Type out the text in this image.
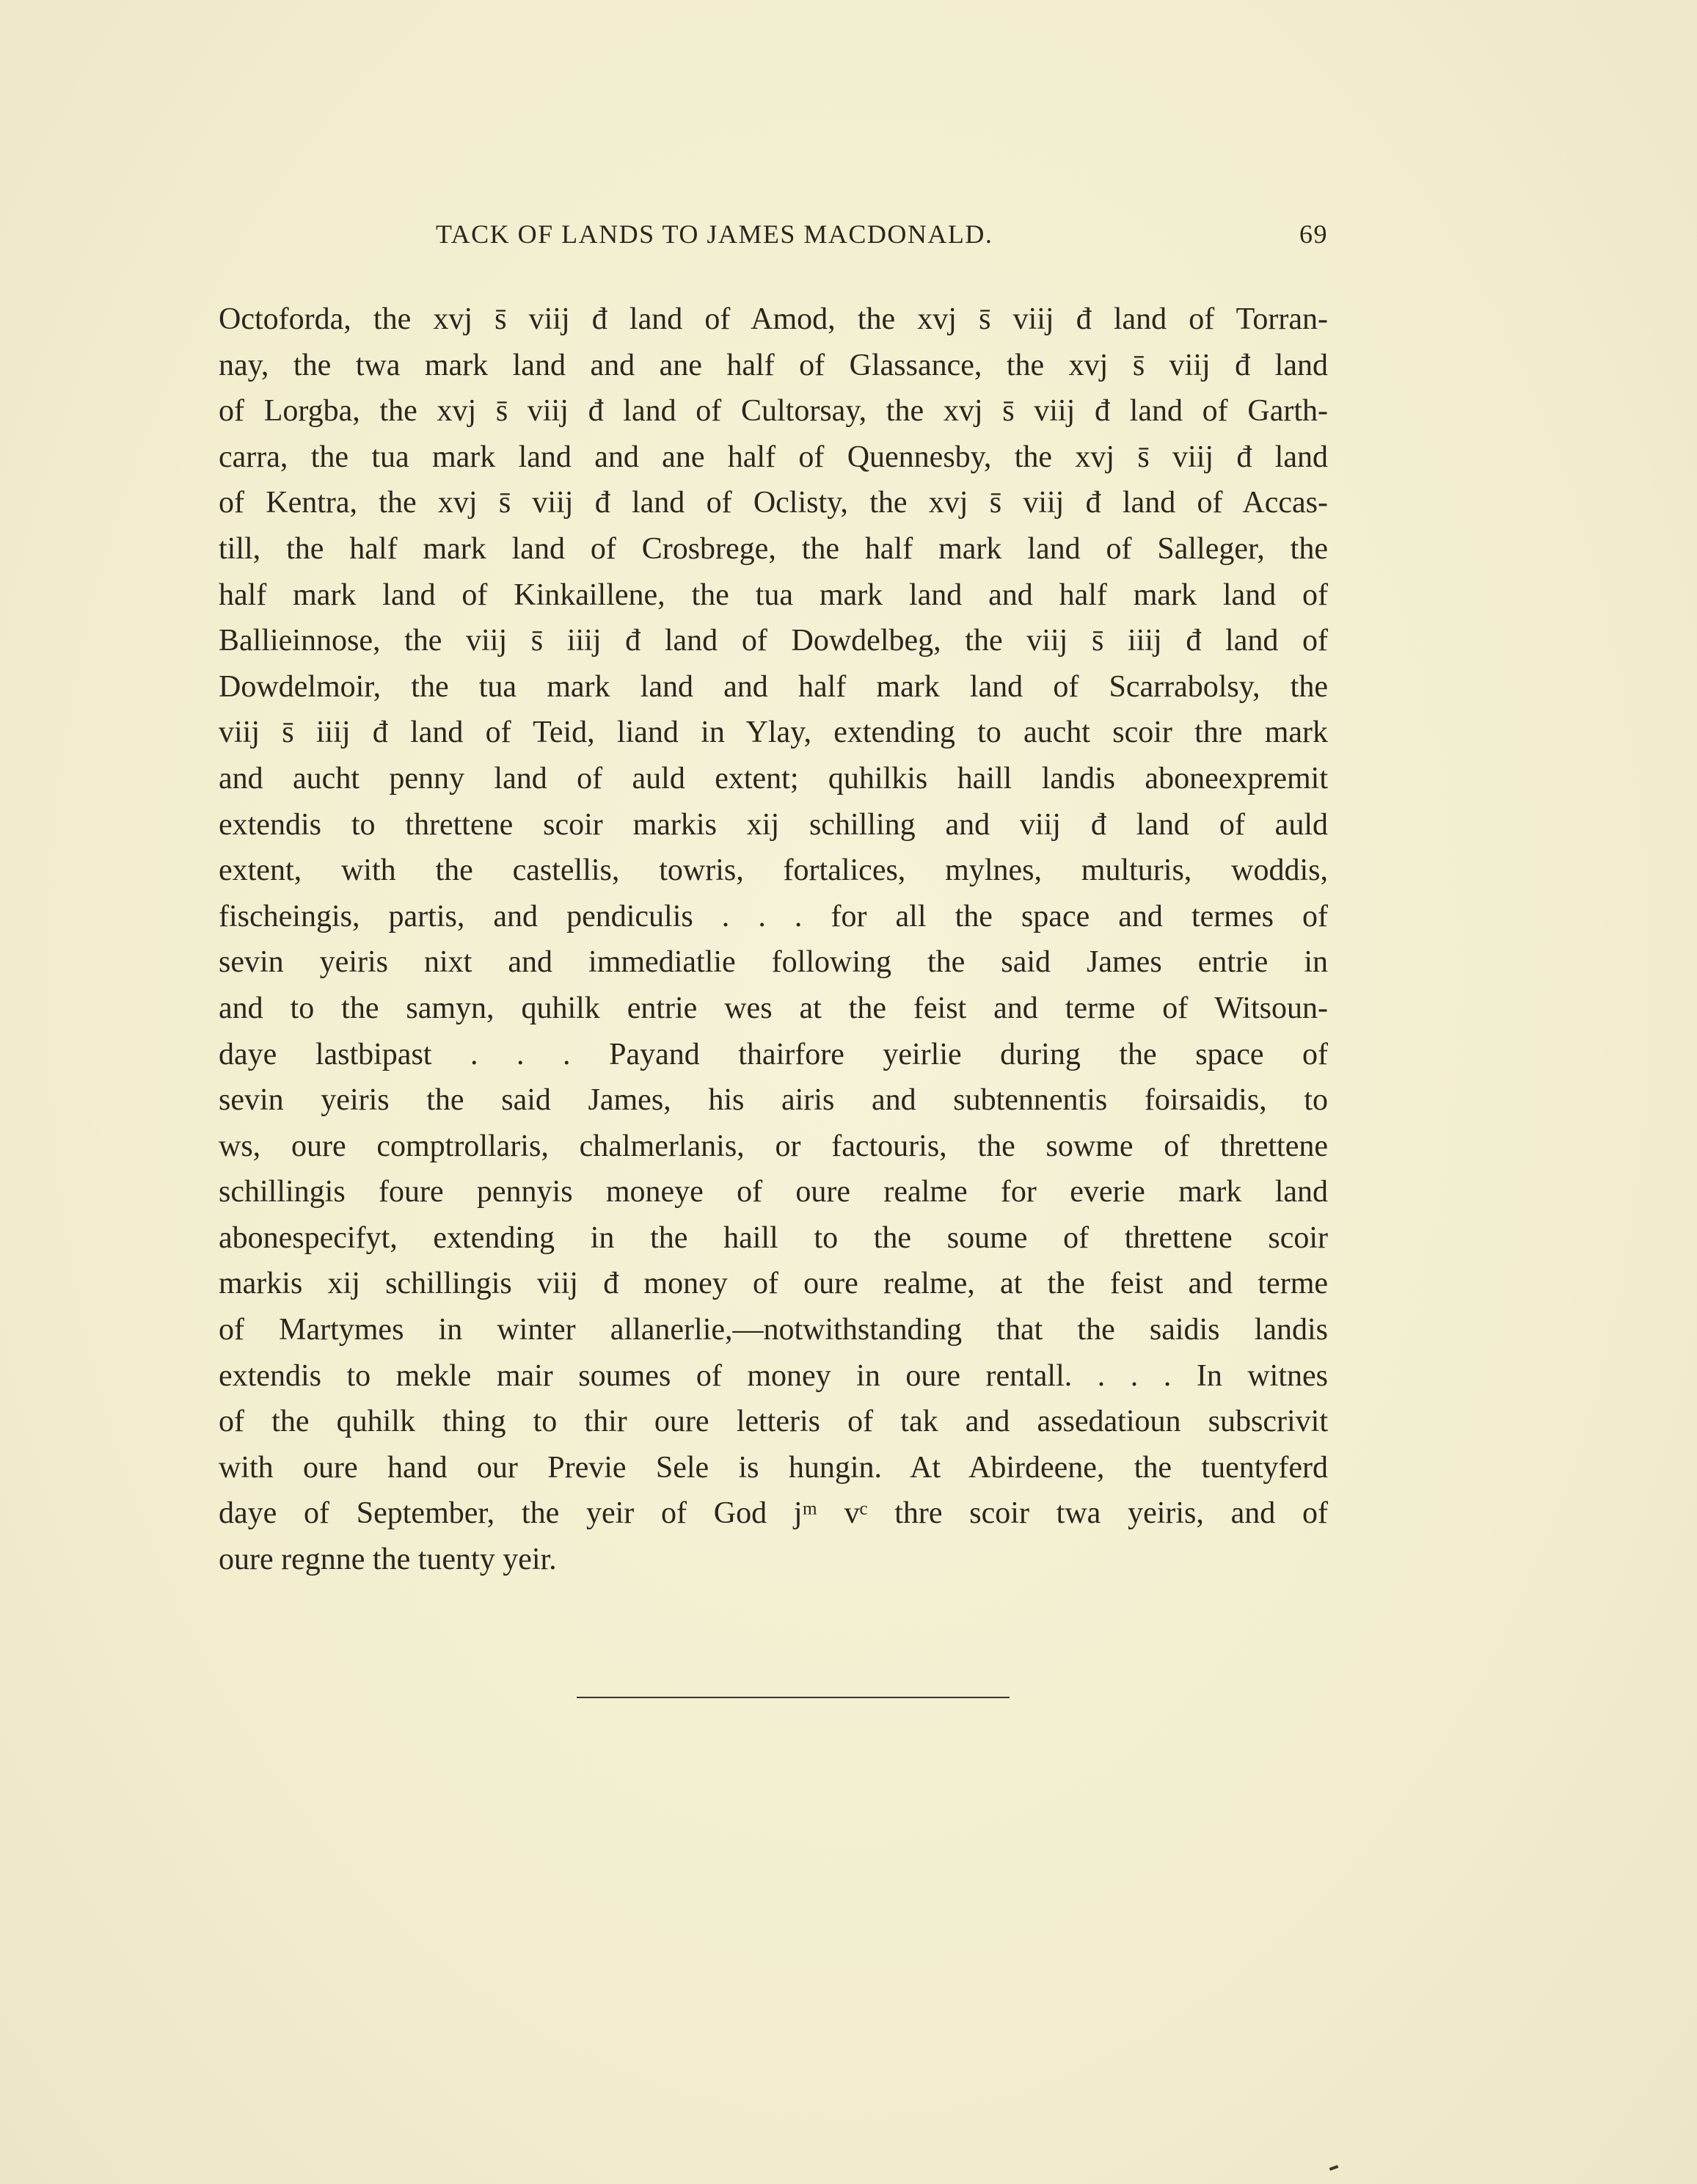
TACK OF LANDS TO JAMES MACDONALD.	69
Octoforda, the xvj s̄ viij đ land of Amod, the xvj s̄ viij đ land of Torran-
nay, the twa mark land and ane half of Glassance, the xvj s̄ viij đ land
of Lorgba, the xvj s̄ viij đ land of Cultorsay, the xvj s̄ viij đ land of Garth-
carra, the tua mark land and ane half of Quennesby, the xvj s̄ viij đ land
of Kentra, the xvj s̄ viij đ land of Oclisty, the xvj s̄ viij đ land of Accas-
till, the half mark land of Crosbrege, the half mark land of Salleger, the
half mark land of Kinkaillene, the tua mark land and half mark land of
Ballieinnose, the viij s̄ iiij đ land of Dowdelbeg, the viij s̄ iiij đ land of
Dowdelmoir, the tua mark land and half mark land of Scarrabolsy, the
viij s̄ iiij đ land of Teid, liand in Ylay, extending to aucht scoir thre mark
and aucht penny land of auld extent; quhilkis haill landis aboneexpremit
extendis to threttene scoir markis xij schilling and viij đ land of auld
extent, with the castellis, towris, fortalices, mylnes, multuris, woddis,
fischeingis, partis, and pendiculis . . . for all the space and termes of
sevin yeiris nixt and immediatlie following the said James entrie in
and to the samyn, quhilk entrie wes at the feist and terme of Witsoun-
daye lastbipast . . . Payand thairfore yeirlie during the space of
sevin yeiris the said James, his airis and subtennentis foirsaidis, to
ws, oure comptrollaris, chalmerlanis, or factouris, the sowme of threttene
schillingis foure pennyis moneye of oure realme for everie mark land
abonespecifyt, extending in the haill to the soume of threttene scoir
markis xij schillingis viij đ money of oure realme, at the feist and terme
of Martymes in winter allanerlie,—notwithstanding that the saidis landis
extendis to mekle mair soumes of money in oure rentall. . . . In witnes
of the quhilk thing to thir oure letteris of tak and assedatioun subscrivit
with oure hand our Previe Sele is hungin. At Abirdeene, the tuentyferd
daye of September, the yeir of God jᵐ vᶜ thre scoir twa yeiris, and of
oure regnne the tuenty yeir.
